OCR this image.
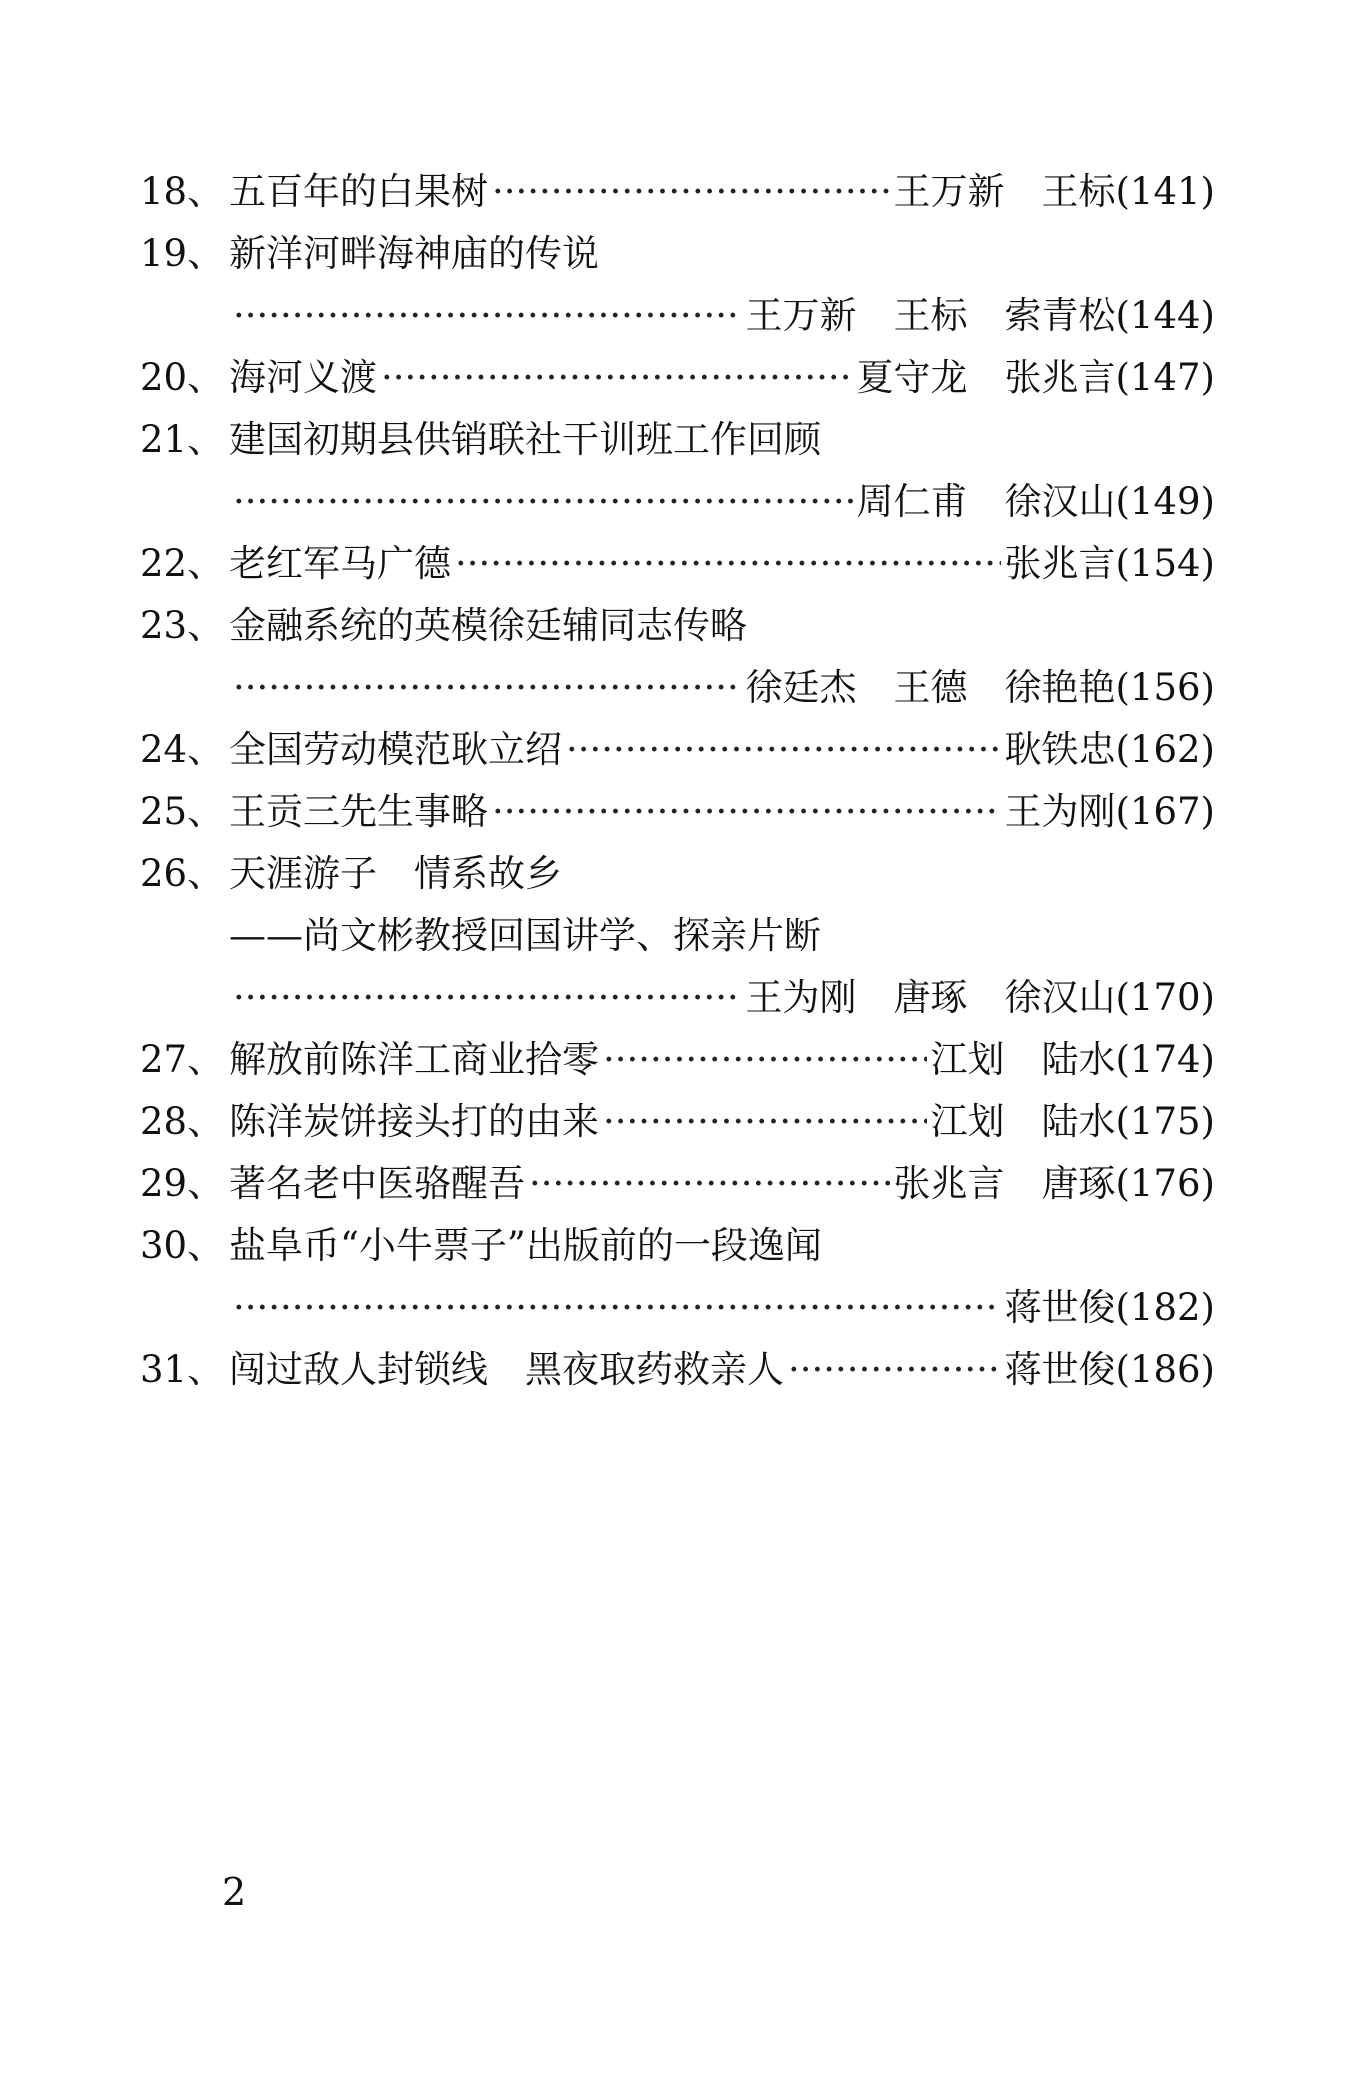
18、 五百年的白果树 ·····	王万新　王标 (141)
19、 新洋河畔海神庙的传说
·····
王万新　王标　索青松 (144)
20、 海河义渡 ·····	夏守龙　张兆言 (147)
21、 建国初期县供销联社干训班工作回顾
·····
周仁甫　徐汉山 (149)
22、 老红军马广德 ·····	张兆言 (154)
23、 金融系统的英模徐廷辅同志传略
·····
徐廷杰　王德　徐艳艳 (156)
24、 全国劳动模范耿立绍 ·····	耿铁忠 (162)
25、 王贡三先生事略 ·····	王为刚 (167)
26、 天涯游子　情系故乡
——尚文彬教授回国讲学、探亲片断
·····
王为刚　唐琢　徐汉山 (170)
27、 解放前陈洋工商业拾零 ·····	江划　陆水 (174)
28、 陈洋炭饼接头打的由来 ·····	江划　陆水 (175)
29、 著名老中医骆醒吾 ·····	张兆言　唐琢 (176)
30、 盐阜币“小牛票子”出版前的一段逸闻
·····
蒋世俊 (182)
31、 闯过敌人封锁线　黑夜取药救亲人 ·····	蒋世俊 (186)
2
